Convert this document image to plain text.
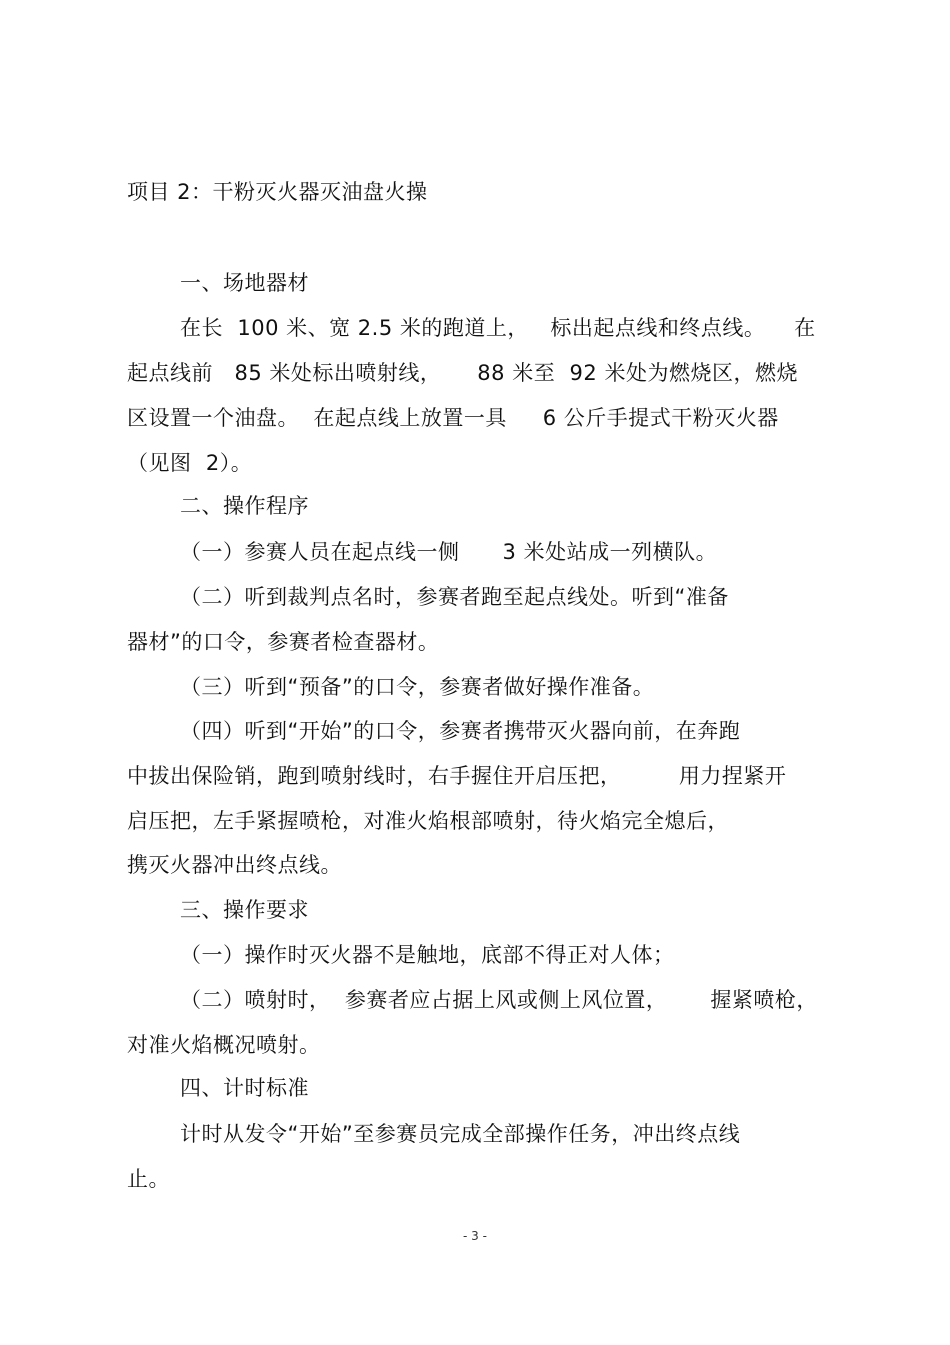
项目 2：干粉灭火器灭油盘火操
一、场地器材
在长  100 米、宽 2.5 米的跑道上，   标出起点线和终点线。    在
起点线前   85 米处标出喷射线，     88 米至  92 米处为燃烧区，燃烧
区设置一个油盘。  在起点线上放置一具     6 公斤手提式干粉灭火器
（见图  2）。
二、操作程序
（一）参赛人员在起点线一侧      3 米处站成一列横队。
（二）听到裁判点名时，参赛者跑至起点线处。听到“准备
器材”的口令，参赛者检查器材。
（三）听到“预备”的口令，参赛者做好操作准备。
（四）听到“开始”的口令，参赛者携带灭火器向前，在奔跑
中拔出保险销，跑到喷射线时，右手握住开启压把，        用力捏紧开
启压把，左手紧握喷枪，对准火焰根部喷射，待火焰完全熄后，
携灭火器冲出终点线。
三、操作要求
（一）操作时灭火器不是触地，底部不得正对人体；
（二）喷射时，  参赛者应占据上风或侧上风位置，      握紧喷枪，
对准火焰概况喷射。
四、计时标准
计时从发令“开始”至参赛员完成全部操作任务，冲出终点线
止。
- 3 -
